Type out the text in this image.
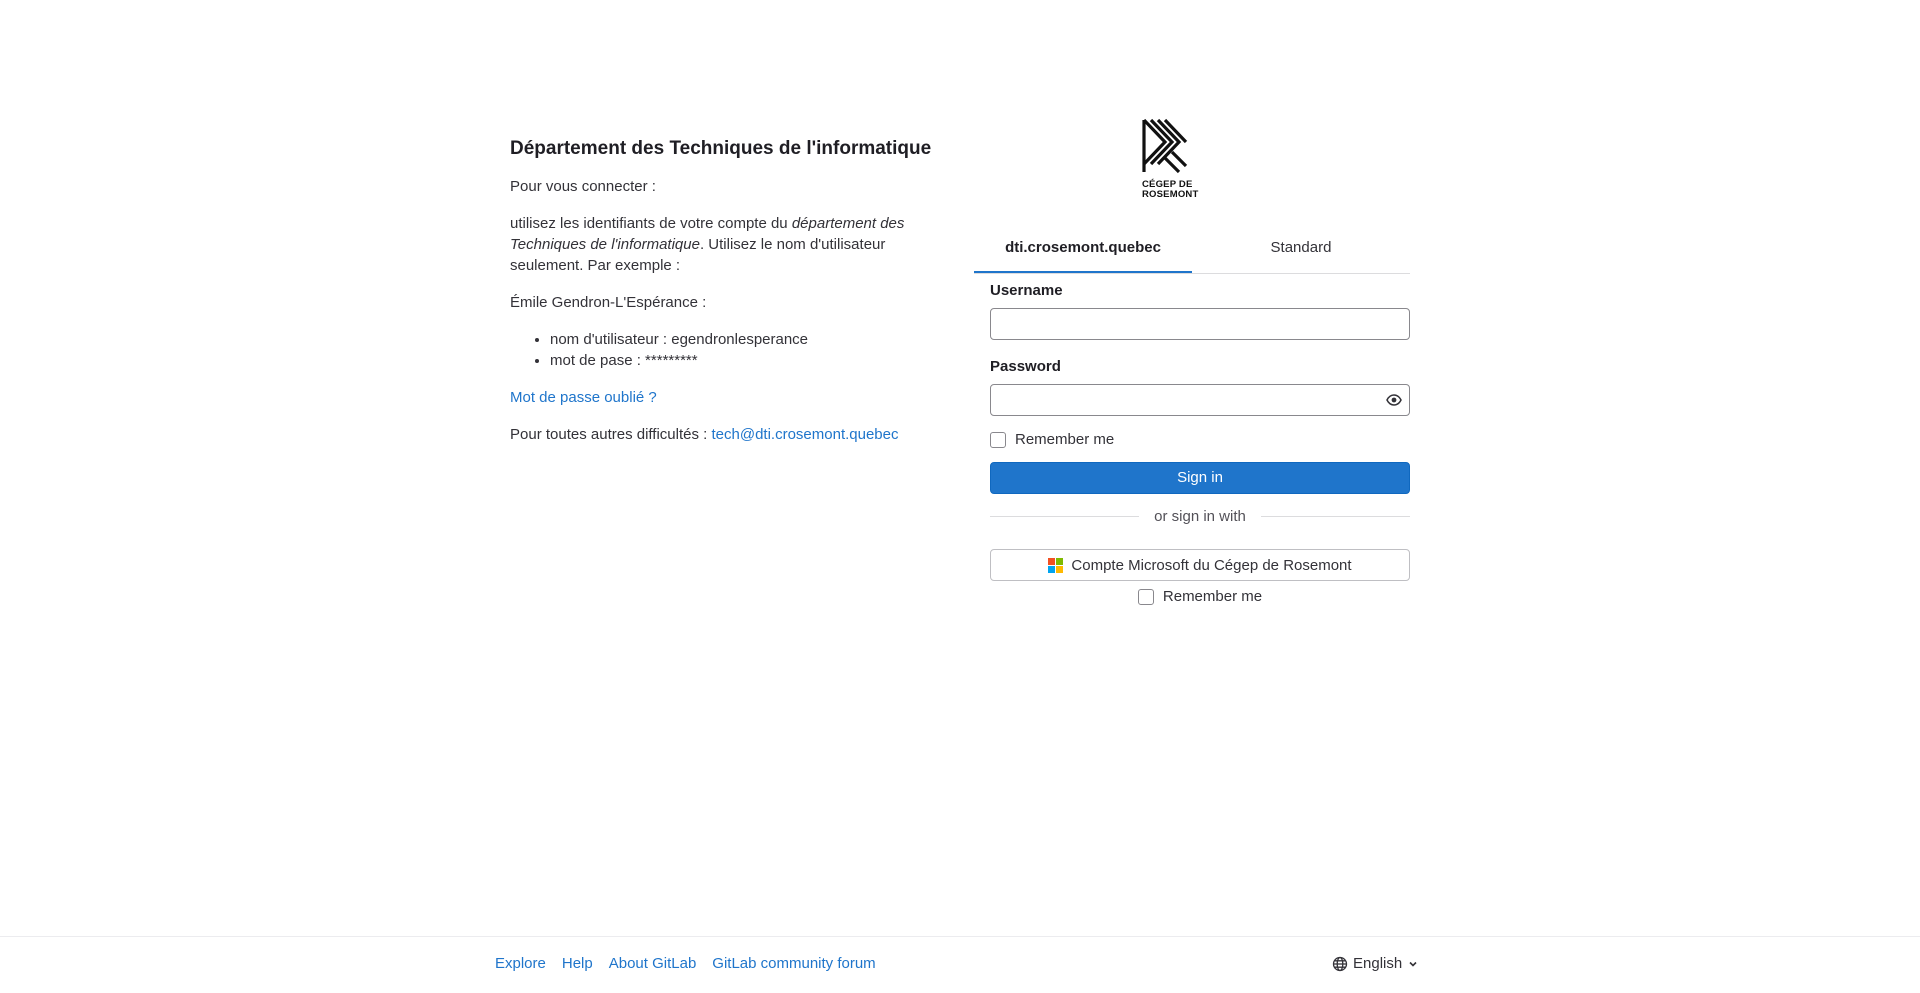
Département des Techniques de l'informatique

Pour vous connecter :

utilisez les identifiants de votre compte du département des Techniques de l'informatique. Utilisez le nom d'utilisateur seulement. Par exemple :

Émile Gendron-L'Espérance :

• nom d'utilisateur : egendronlesperance
• mot de pase : *********

Mot de passe oublié ?

Pour toutes autres difficultés : tech@dti.crosemont.quebec

CÉGEP DE
ROSEMONT
dti.crosemont.quebec	Standard
Username
Password
Remember me
Sign in
or sign in with
Compte Microsoft du Cégep de Rosemont
Remember me
Explore Help About GitLab GitLab community forum	English
